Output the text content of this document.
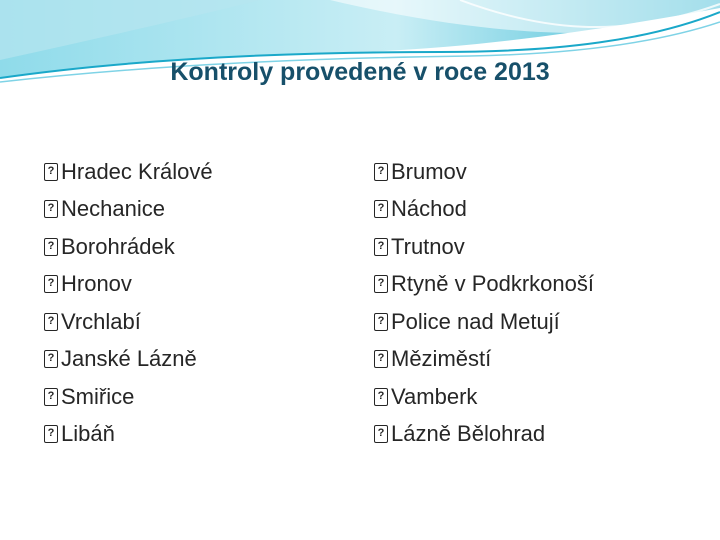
Kontroly provedené v roce 2013
?
Hradec Králové
?
Nechanice
?
Borohrádek
?
Hronov
?
Vrchlabí
?
Janské Lázně
?
Smiřice
?
Libáň
?
Brumov
?
Náchod
?
Trutnov
?
Rtyně v Podkrkonoší
?
Police nad Metují
?
Měziměstí
?
Vamberk
?
Lázně Bělohrad
